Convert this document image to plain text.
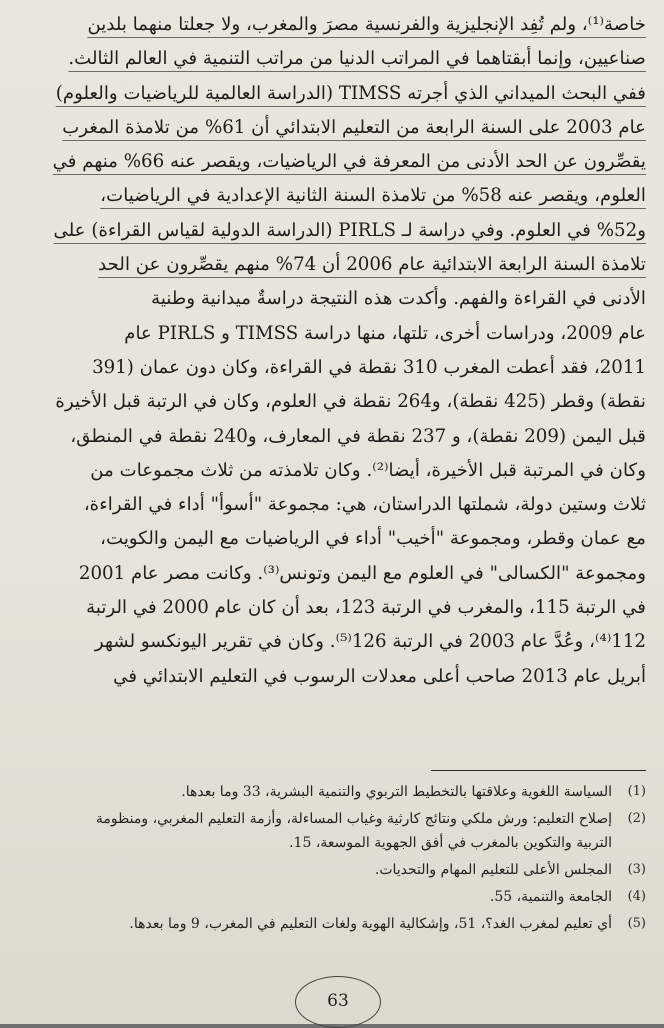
خاصة⁽¹⁾، ولم تُفِد الإنجليزية والفرنسية مصرَ والمغرب، ولا جعلتا منهما بلدين
صناعيين، وإنما أبقتاهما في المراتب الدنيا من مراتب التنمية في العالم الثالث.
ففي البحث الميداني الذي أجرته TIMSS (الدراسة العالمية للرياضيات والعلوم)
عام 2003 على السنة الرابعة من التعليم الابتدائي أن 61% من تلامذة المغرب
يقصِّرون عن الحد الأدنى من المعرفة في الرياضيات، ويقصر عنه 66% منهم في
العلوم، ويقصر عنه 58% من تلامذة السنة الثانية الإعدادية في الرياضيات،
و52% في العلوم. وفي دراسة لـ PIRLS (الدراسة الدولية لقياس القراءة) على
تلامذة السنة الرابعة الابتدائية عام 2006 أن 74% منهم يقصِّرون عن الحد
الأدنى في القراءة والفهم. وأكدت هذه النتيجة دراسةٌ ميدانية وطنية
عام 2009، ودراسات أخرى، تلتها، منها دراسة TIMSS و PIRLS عام
2011، فقد أعطت المغرب 310 نقطة في القراءة، وكان دون عمان (391
نقطة) وقطر (425 نقطة)، و264 نقطة في العلوم، وكان في الرتبة قبل الأخيرة
قبل اليمن (209 نقطة)، و 237 نقطة في المعارف، و240 نقطة في المنطق،
وكان في المرتبة قبل الأخيرة، أيضا⁽²⁾. وكان تلامذته من ثلاث مجموعات من
ثلاث وستين دولة، شملتها الدراستان، هي: مجموعة "أسوأ" أداء في القراءة،
مع عمان وقطر، ومجموعة "أخيب" أداء في الرياضيات مع اليمن والكويت،
ومجموعة "الكسالى" في العلوم مع اليمن وتونس⁽³⁾. وكانت مصر عام 2001
في الرتبة 115، والمغرب في الرتبة 123، بعد أن كان عام 2000 في الرتبة
112⁽⁴⁾، وعُدَّ عام 2003 في الرتبة 126⁽⁵⁾. وكان في تقرير اليونكسو لشهر
أبريل عام 2013 صاحب أعلى معدلات الرسوب في التعليم الابتدائي في
(1)
السياسة اللغوية وعلاقتها بالتخطيط التربوي والتنمية البشرية، 33 وما بعدها.
(2)
إصلاح التعليم: ورش ملكي ونتائج كارثية وغياب المساءلة، وأزمة التعليم المغربي، ومنظومة
التربية والتكوين بالمغرب في أفق الجهوية الموسعة، 15.
(3)
المجلس الأعلى للتعليم المهام والتحديات.
(4)
الجامعة والتنمية، 55.
(5)
أي تعليم لمغرب الغد؟، 51، وإشكالية الهوية ولغات التعليم في المغرب، 9 وما بعدها.
63
